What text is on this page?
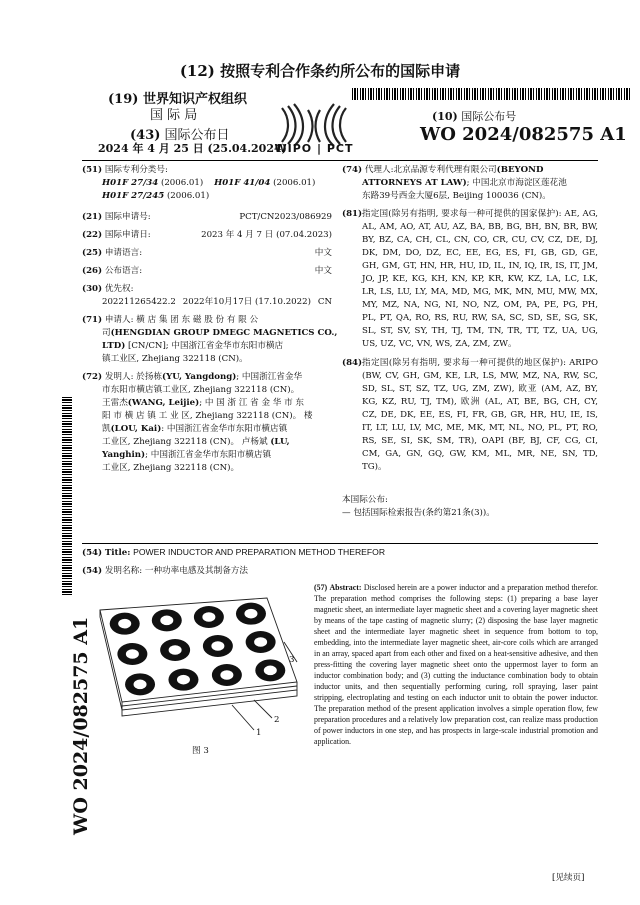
(12) 按照专利合作条约所公布的国际申请
(19) 世界知识产权组织
国 际 局
WIPO | PCT
(43) 国际公布日
2024 年 4 月 25 日 (25.04.2024)
(10) 国际公布号
WO 2024/082575 A1
(51) 国际专利分类号:
H01F 27/34 (2006.01) H01F 41/04 (2006.01)
H01F 27/245 (2006.01)
(21) 国际申请号:	PCT/CN2023/086929
(22) 国际申请日:	2023 年 4 月 7 日 (07.04.2023)
(25) 申请语言:	中文
(26) 公布语言:	中文
(30) 优先权:
202211265422.2 2022年10月17日 (17.10.2022) CN
(71) 申请人: 横 店 集 团 东 磁 股 份 有 限 公
司(HENGDIAN GROUP DMEGC MAGNETICS CO.,
LTD) [CN/CN]; 中国浙江省金华市东阳市横店
镇工业区, Zhejiang 322118 (CN)。
(72) 发明人: 於扬栋(YU, Yangdong); 中国浙江省金华
市东阳市横店镇工业区, Zhejiang 322118 (CN)。
王雷杰(WANG, Leijie); 中 国 浙 江 省 金 华 市 东
阳 市 横 店 镇 工 业 区, Zhejiang 322118 (CN)。 楼
凯(LOU, Kai): 中国浙江省金华市东阳市横店镇
工业区, Zhejiang 322118 (CN)。 卢杨斌 (LU,
Yanghin); 中国浙江省金华市东阳市横店镇
工业区, Zhejiang 322118 (CN)。
(74) 代理人:北京品源专利代理有限公司(BEYOND
ATTORNEYS AT LAW); 中国北京市海淀区莲花池
东路39号西金大厦6层, Beijing 100036 (CN)。
(81) 指定国(除另有指明, 要求每一种可提供的国家保护): AE, AG, AL, AM, AO, AT, AU, AZ, BA, BB, BG, BH, BN, BR, BW, BY, BZ, CA, CH, CL, CN, CO, CR, CU, CV, CZ, DE, DJ, DK, DM, DO, DZ, EC, EE, EG, ES, FI, GB, GD, GE, GH, GM, GT, HN, HR, HU, ID, IL, IN, IQ, IR, IS, IT, JM, JO, JP, KE, KG, KH, KN, KP, KR, KW, KZ, LA, LC, LK, LR, LS, LU, LY, MA, MD, MG, MK, MN, MU, MW, MX, MY, MZ, NA, NG, NI, NO, NZ, OM, PA, PE, PG, PH, PL, PT, QA, RO, RS, RU, RW, SA, SC, SD, SE, SG, SK, SL, ST, SV, SY, TH, TJ, TM, TN, TR, TT, TZ, UA, UG, US, UZ, VC, VN, WS, ZA, ZM, ZW。
(84) 指定国(除另有指明, 要求每一种可提供的地区保护): ARIPO (BW, CV, GH, GM, KE, LR, LS, MW, MZ, NA, RW, SC, SD, SL, ST, SZ, TZ, UG, ZM, ZW), 欧亚 (AM, AZ, BY, KG, KZ, RU, TJ, TM), 欧洲 (AL, AT, BE, BG, CH, CY, CZ, DE, DK, EE, ES, FI, FR, GB, GR, HR, HU, IE, IS, IT, LT, LU, LV, MC, ME, MK, MT, NL, NO, PL, PT, RO, RS, SE, SI, SK, SM, TR), OAPI (BF, BJ, CF, CG, CI, CM, GA, GN, GQ, GW, KM, ML, MR, NE, SN, TD, TG)。
本国际公布:
— 包括国际检索报告(条约第21条(3))。
(54) Title: POWER INDUCTOR AND PREPARATION METHOD THEREFOR
(54) 发明名称: 一种功率电感及其制备方法
WO 2024/082575 A1	3
2
1
图 3
(57) Abstract: Disclosed herein are a power inductor and a preparation method therefor. The preparation method comprises the following steps: (1) preparing a base layer magnetic sheet, an intermediate layer magnetic sheet and a covering layer magnetic sheet by means of the tape casting of magnetic slurry; (2) disposing the base layer magnetic sheet and the intermediate layer magnetic sheet in sequence from bottom to top, embedding, into the intermediate layer magnetic sheet, air-core coils which are arranged in an array, spaced apart from each other and fixed on a heat-sensitive adhesive, and then press-fitting the covering layer magnetic sheet onto the uppermost layer to form an inductor combination body; and (3) cutting the inductance combination body to obtain inductor units, and then sequentially performing curing, roll spraying, laser paint stripping, electroplating and testing on each inductor unit to obtain the power inductor. The preparation method of the present application involves a simple operation flow, few preparation procedures and a relatively low preparation cost, can realize mass production of power inductors in one step, and has prospects in large-scale industrial promotion and application.
[见续页]
